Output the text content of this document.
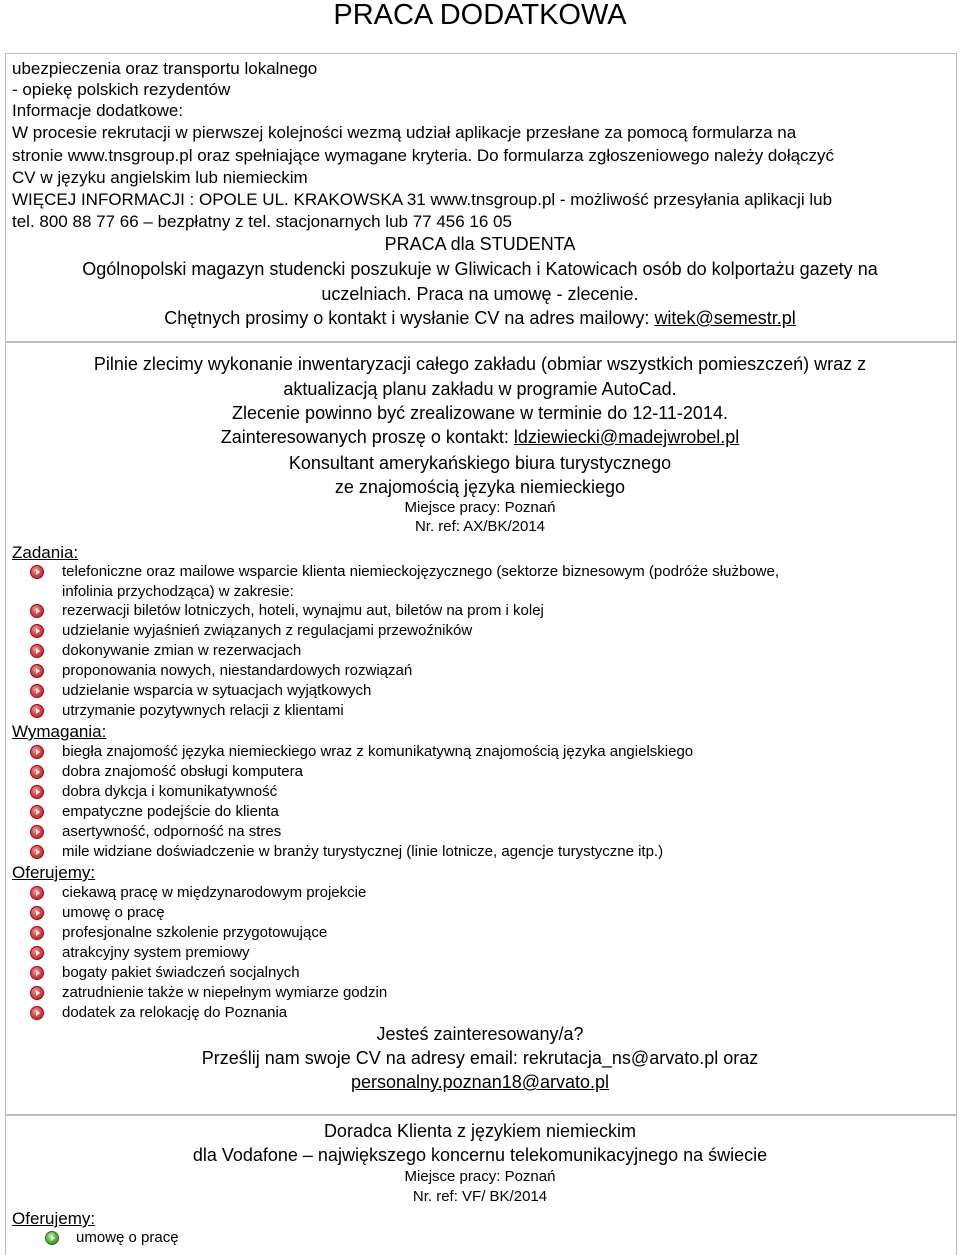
PRACA DODATKOWA
ubezpieczenia oraz transportu lokalnego
- opiekę polskich rezydentów
Informacje dodatkowe:
W procesie rekrutacji w pierwszej kolejności wezmą udział aplikacje przesłane za pomocą formularza na
stronie www.tnsgroup.pl oraz spełniające wymagane kryteria. Do formularza zgłoszeniowego należy dołączyć
CV w języku angielskim lub niemieckim
WIĘCEJ INFORMACJI : OPOLE UL. KRAKOWSKA 31 www.tnsgroup.pl - możliwość przesyłania aplikacji lub
tel. 800 88 77 66 – bezpłatny z tel. stacjonarnych lub 77 456 16 05
PRACA dla STUDENTA
Ogólnopolski magazyn studencki poszukuje w Gliwicach i Katowicach osób do kolportażu gazety na
uczelniach. Praca na umowę - zlecenie.
Chętnych prosimy o kontakt i wysłanie CV na adres mailowy: witek@semestr.pl
Pilnie zlecimy wykonanie inwentaryzacji całego zakładu (obmiar wszystkich pomieszczeń) wraz z
aktualizacją planu zakładu w programie AutoCad.
Zlecenie powinno być zrealizowane w terminie do 12-11-2014.
Zainteresowanych proszę o kontakt: ldziewiecki@madejwrobel.pl
Konsultant amerykańskiego biura turystycznego
ze znajomością języka niemieckiego
Miejsce pracy: Poznań
Nr. ref: AX/BK/2014
Zadania:
telefoniczne oraz mailowe wsparcie klienta niemieckojęzycznego (sektorze biznesowym (podróże służbowe,
infolinia przychodząca) w zakresie:
rezerwacji biletów lotniczych, hoteli, wynajmu aut, biletów na prom i kolej
udzielanie wyjaśnień związanych z regulacjami przewoźników
dokonywanie zmian w rezerwacjach
proponowania nowych, niestandardowych rozwiązań
udzielanie wsparcia w sytuacjach wyjątkowych
utrzymanie pozytywnych relacji z klientami
Wymagania:
biegła znajomość języka niemieckiego wraz z komunikatywną znajomością języka angielskiego
dobra znajomość obsługi komputera
dobra dykcja i komunikatywność
empatyczne podejście do klienta
asertywność, odporność na stres
mile widziane doświadczenie w branży turystycznej (linie lotnicze, agencje turystyczne itp.)
Oferujemy:
ciekawą pracę w międzynarodowym projekcie
umowę o pracę
profesjonalne szkolenie przygotowujące
atrakcyjny system premiowy
bogaty pakiet świadczeń socjalnych
zatrudnienie także w niepełnym wymiarze godzin
dodatek za relokację do Poznania
Jesteś zainteresowany/a?
Prześlij nam swoje CV na adresy email: rekrutacja_ns@arvato.pl oraz
personalny.poznan18@arvato.pl
Doradca Klienta z językiem niemieckim
dla Vodafone – największego koncernu telekomunikacyjnego na świecie
Miejsce pracy: Poznań
Nr. ref: VF/ BK/2014
Oferujemy:
umowę o pracę
